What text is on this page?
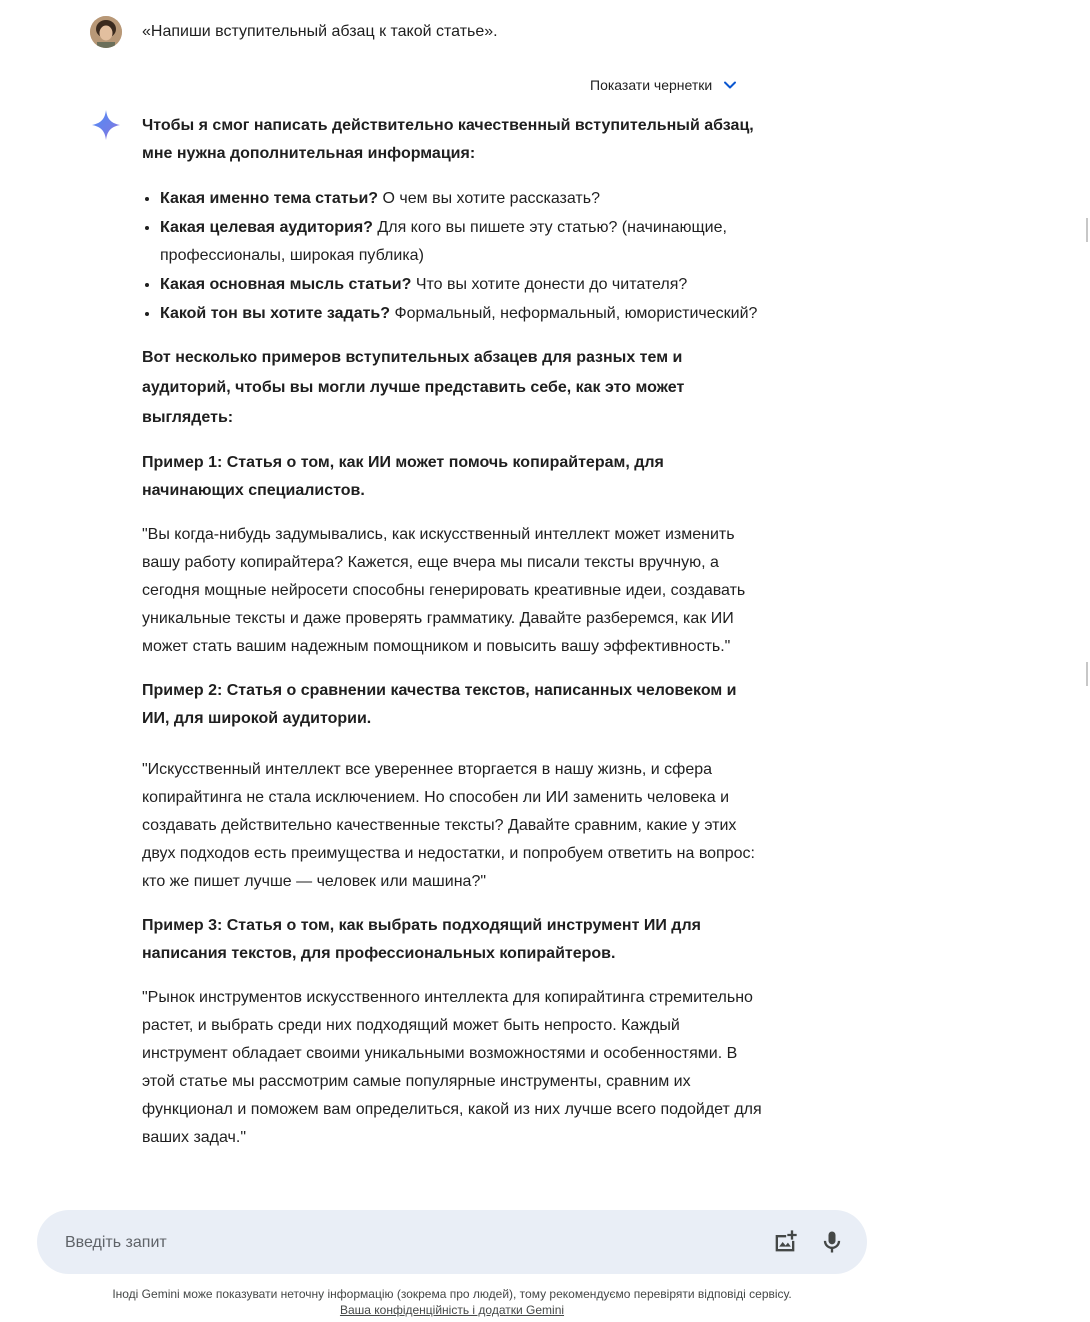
«Напиши вступительный абзац к такой статье».
Показати чернетки

Чтобы я смог написать действительно качественный вступительный абзац, мне нужна дополнительная информация:

• Какая именно тема статьи? О чем вы хотите рассказать?
• Какая целевая аудитория? Для кого вы пишете эту статью? (начинающие, профессионалы, широкая публика)
• Какая основная мысль статьи? Что вы хотите донести до читателя?
• Какой тон вы хотите задать? Формальный, неформальный, юмористический?

Вот несколько примеров вступительных абзацев для разных тем и аудиторий, чтобы вы могли лучше представить себе, как это может выглядеть:

Пример 1: Статья о том, как ИИ может помочь копирайтерам, для начинающих специалистов.

"Вы когда-нибудь задумывались, как искусственный интеллект может изменить вашу работу копирайтера? Кажется, еще вчера мы писали тексты вручную, а сегодня мощные нейросети способны генерировать креативные идеи, создавать уникальные тексты и даже проверять грамматику. Давайте разберемся, как ИИ может стать вашим надежным помощником и повысить вашу эффективность."

Пример 2: Статья о сравнении качества текстов, написанных человеком и ИИ, для широкой аудитории.

"Искусственный интеллект все увереннее вторгается в нашу жизнь, и сфера копирайтинга не стала исключением. Но способен ли ИИ заменить человека и создавать действительно качественные тексты? Давайте сравним, какие у этих двух подходов есть преимущества и недостатки, и попробуем ответить на вопрос: кто же пишет лучше — человек или машина?"

Пример 3: Статья о том, как выбрать подходящий инструмент ИИ для написания текстов, для профессиональных копирайтеров.

"Рынок инструментов искусственного интеллекта для копирайтинга стремительно растет, и выбрать среди них подходящий может быть непросто. Каждый инструмент обладает своими уникальными возможностями и особенностями. В этой статье мы рассмотрим самые популярные инструменты, сравним их функционал и поможем вам определиться, какой из них лучше всего подойдет для ваших задач."

Введіть запит
Іноді Gemini може показувати неточну інформацію (зокрема про людей), тому рекомендуємо перевіряти відповіді сервісу.
Ваша конфіденційність і додатки Gemini
